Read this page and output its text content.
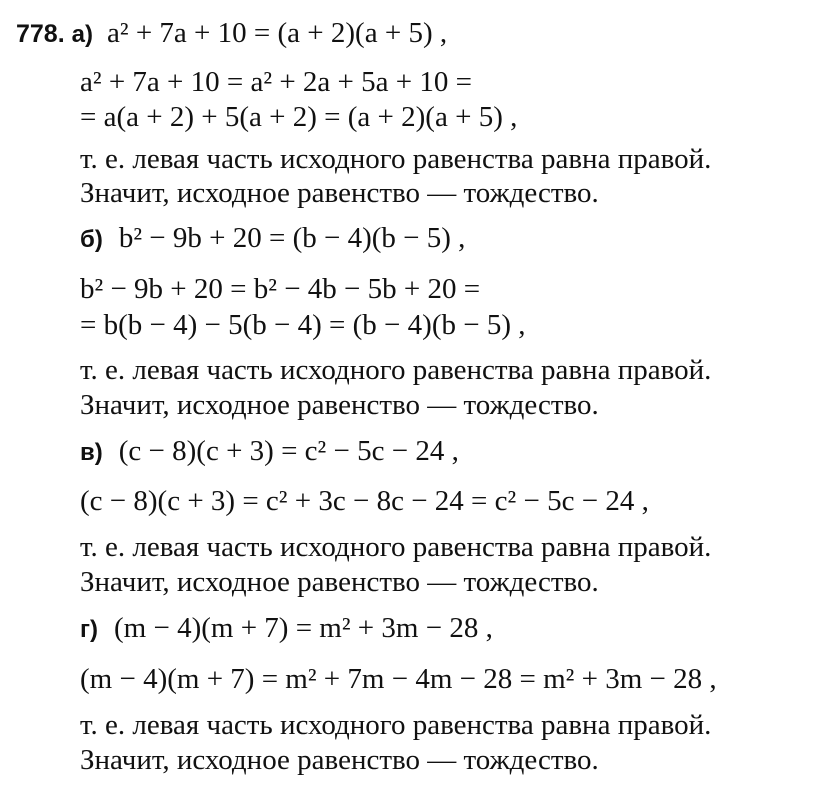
778. а) a² + 7a + 10 = (a + 2)(a + 5) ,
a² + 7a + 10 = a² + 2a + 5a + 10 =
= a(a + 2) + 5(a + 2) = (a + 2)(a + 5) ,
т. е. левая часть исходного равенства равна правой.
Значит, исходное равенство — тождество.
б) b² − 9b + 20 = (b − 4)(b − 5) ,
b² − 9b + 20 = b² − 4b − 5b + 20 =
= b(b − 4) − 5(b − 4) = (b − 4)(b − 5) ,
т. е. левая часть исходного равенства равна правой.
Значит, исходное равенство — тождество.
в) (c − 8)(c + 3) = c² − 5c − 24 ,
(c − 8)(c + 3) = c² + 3c − 8c − 24 = c² − 5c − 24 ,
т. е. левая часть исходного равенства равна правой.
Значит, исходное равенство — тождество.
г) (m − 4)(m + 7) = m² + 3m − 28 ,
(m − 4)(m + 7) = m² + 7m − 4m − 28 = m² + 3m − 28 ,
т. е. левая часть исходного равенства равна правой.
Значит, исходное равенство — тождество.
